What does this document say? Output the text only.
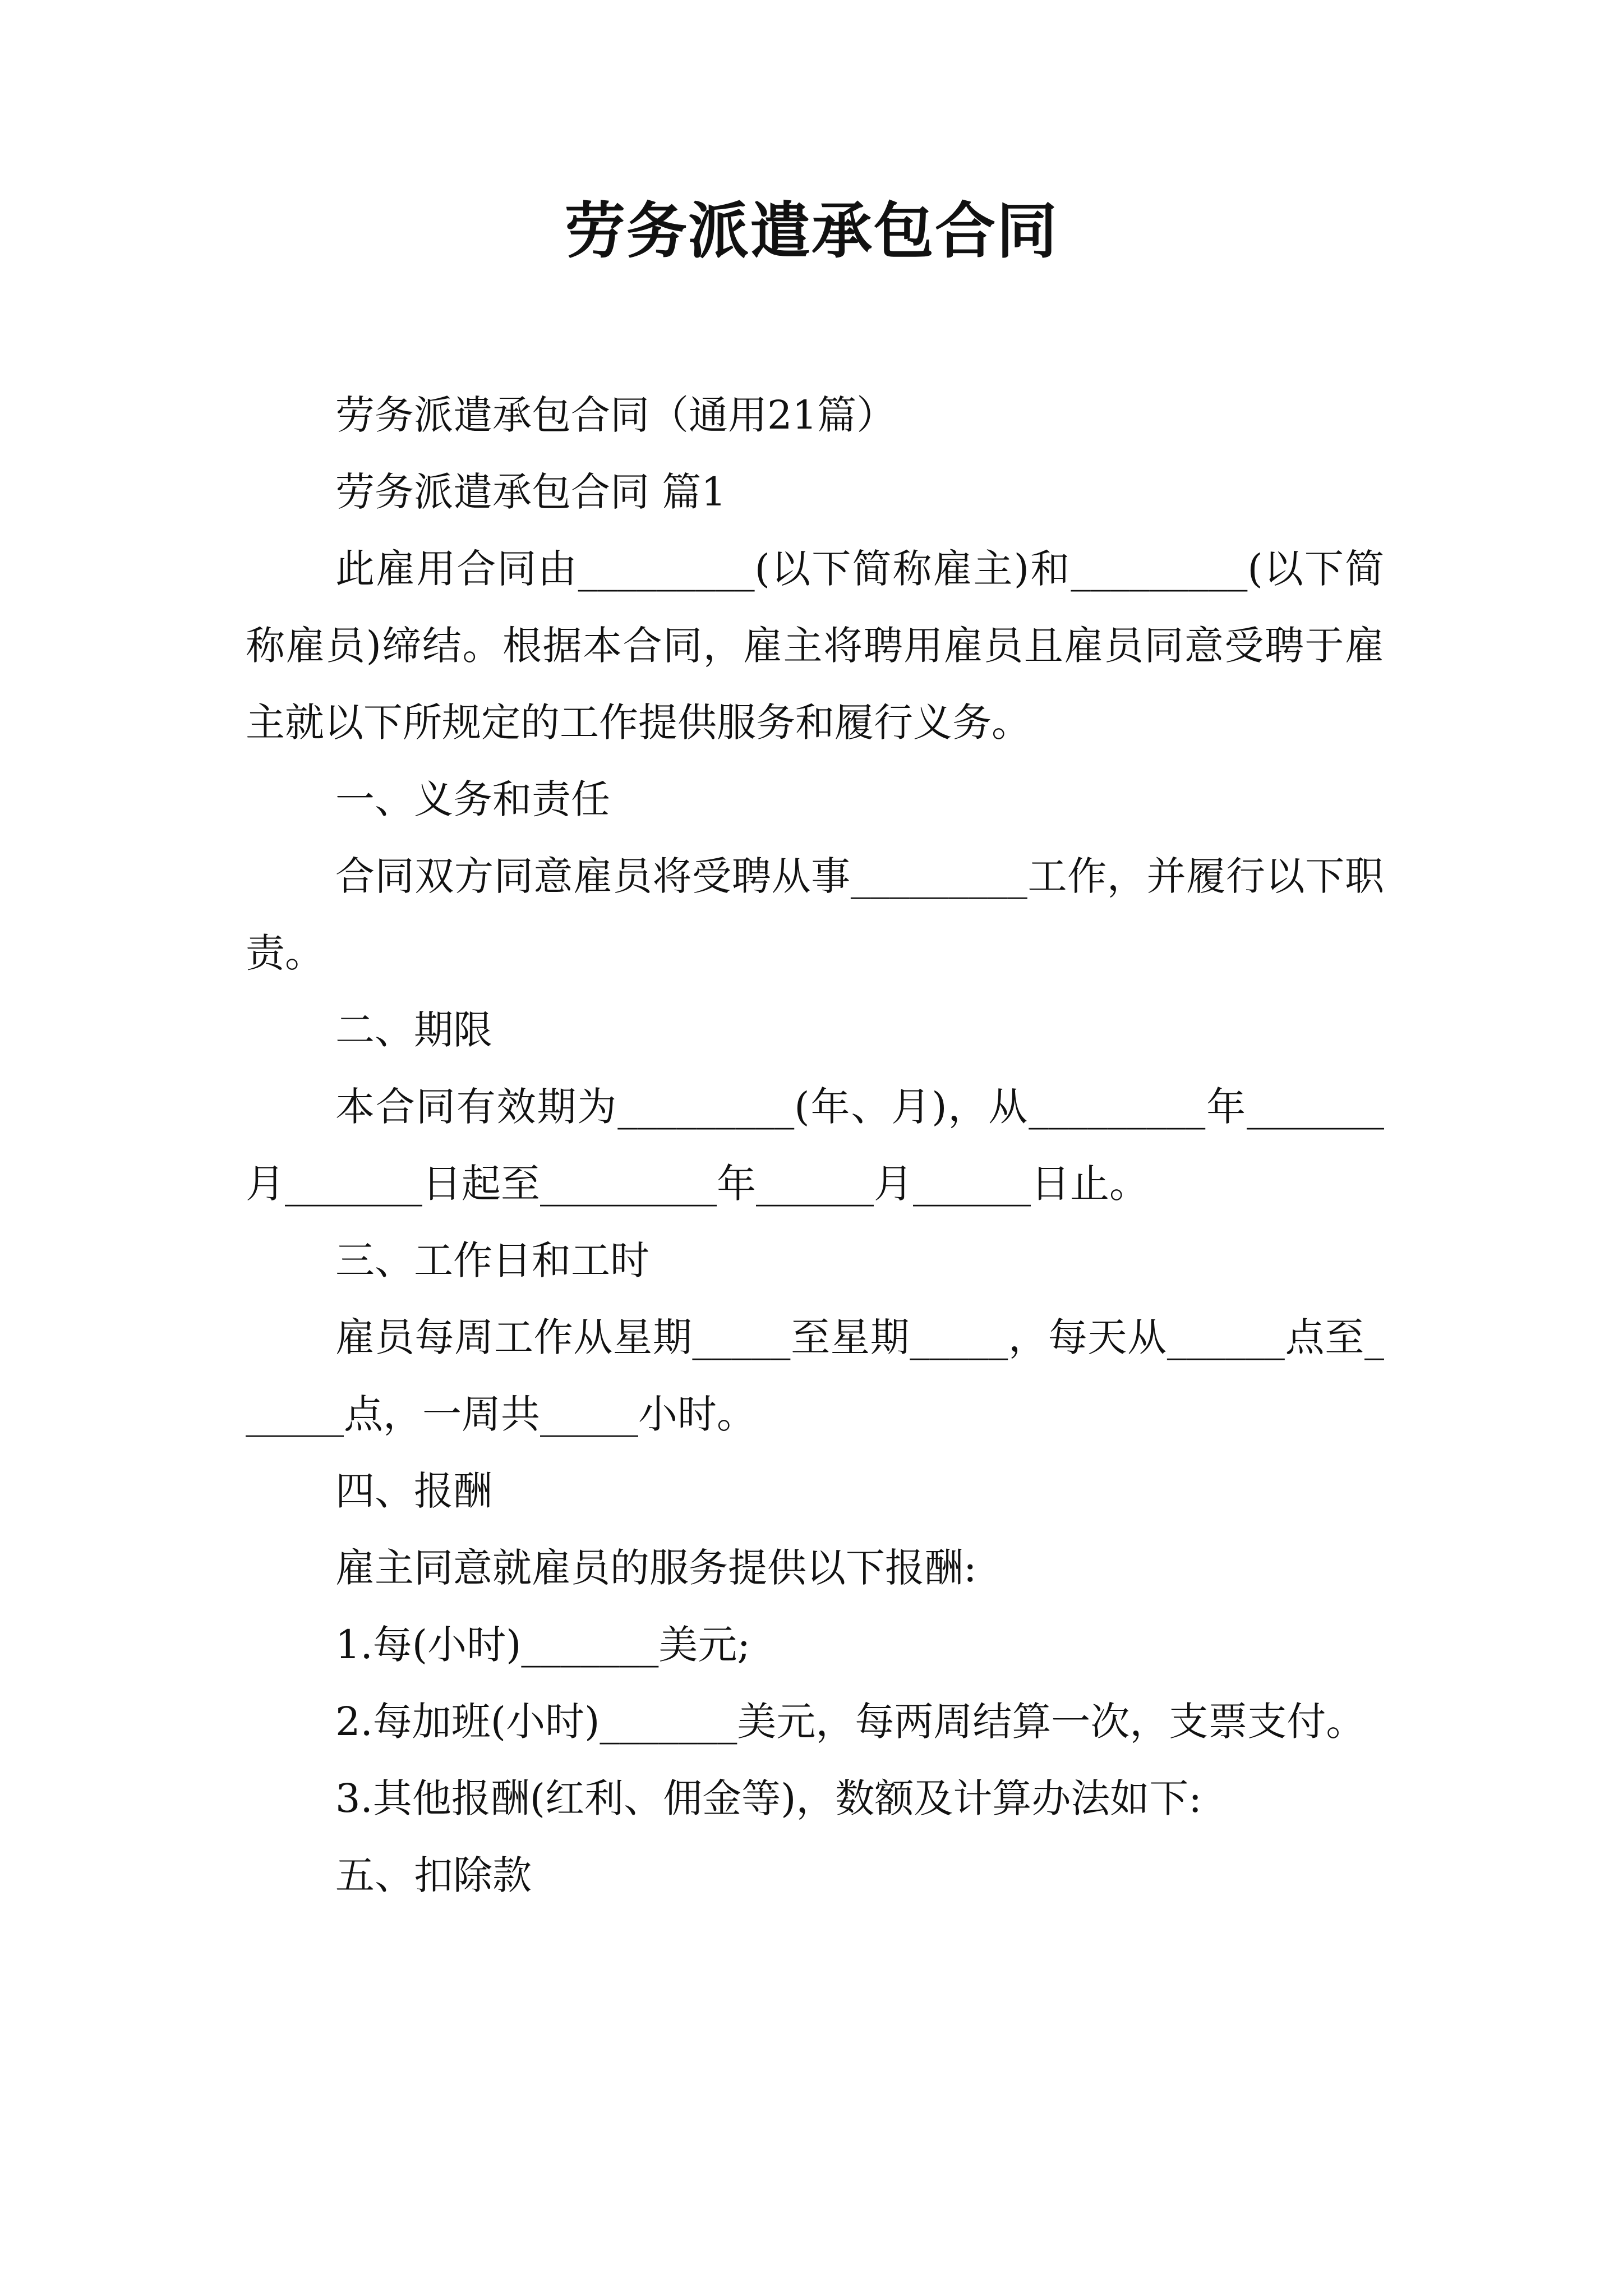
劳务派遣承包合同

劳务派遣承包合同（通用21篇）

劳务派遣承包合同 篇1

此雇用合同由_________(以下简称雇主)和_________(以下简称雇员)缔结。根据本合同，雇主将聘用雇员且雇员同意受聘于雇主就以下所规定的工作提供服务和履行义务。

一、义务和责任

合同双方同意雇员将受聘从事_________工作，并履行以下职责。

二、期限

本合同有效期为_________(年、月)，从_________年_______月_______日起至_________年______月______日止。

三、工作日和工时

雇员每周工作从星期_____至星期_____，每天从______点至______点，一周共_____小时。

四、报酬

雇主同意就雇员的服务提供以下报酬:

1.每(小时)_______美元;

2.每加班(小时)_______美元，每两周结算一次，支票支付。

3.其他报酬(红利、佣金等)，数额及计算办法如下:

五、扣除款
